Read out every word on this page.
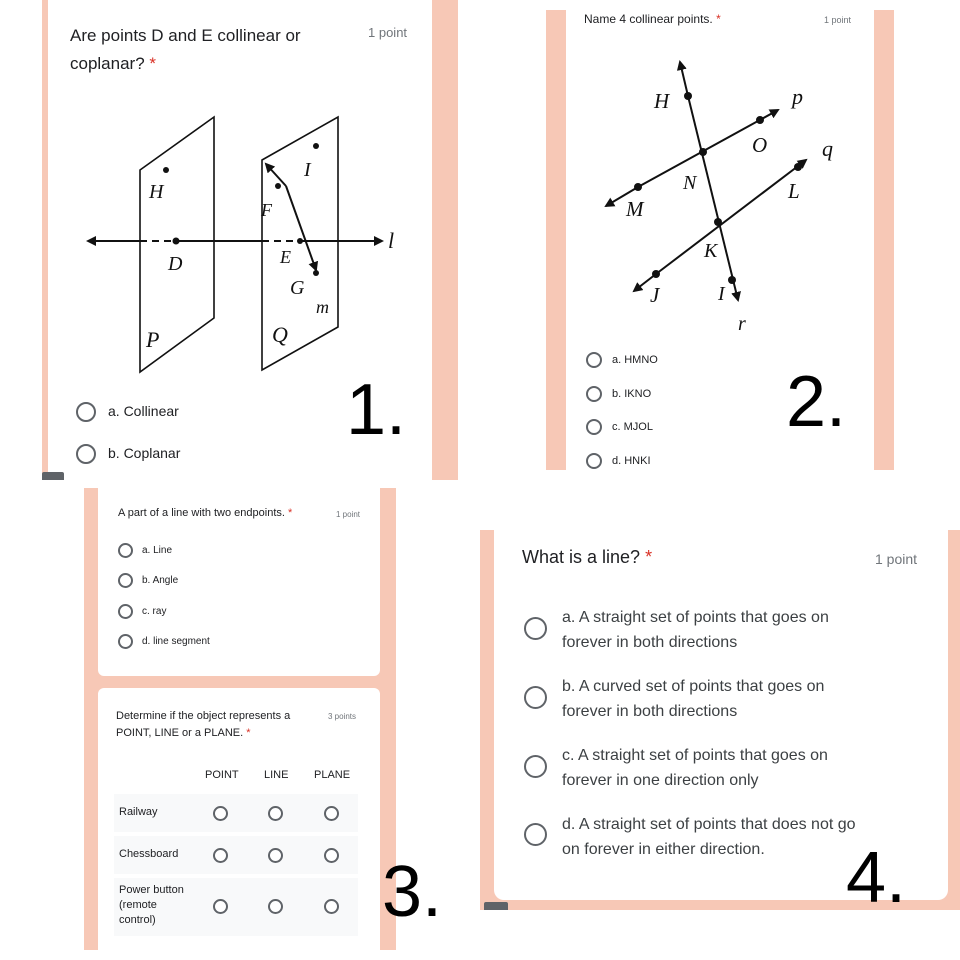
Are points D and E collinear or coplanar? *
1 point
H
I
F
D	E
G
m
l
P	Q
a. Collinear
b. Coplanar
1.
Name 4 collinear points. *	1 point
H	p
O q
N
M
L
K
J	I
r
a. HMNO
b. IKNO
c. MJOL
d. HNKI
2.
A part of a line with two endpoints. *	1 point
a. Line
b. Angle
c. ray
d. line segment
Determine if the object represents a
POINT, LINE or a PLANE. *
3 points
POINT LINE PLANE
Railway
Chessboard
Power button
(remote
control)	3.
What is a line? *	1 point
a. A straight set of points that goes on
forever in both directions
b. A curved set of points that goes on
forever in both directions
c. A straight set of points that goes on
forever in one direction only
d. A straight set of points that does not go
on forever in either direction.	4.
